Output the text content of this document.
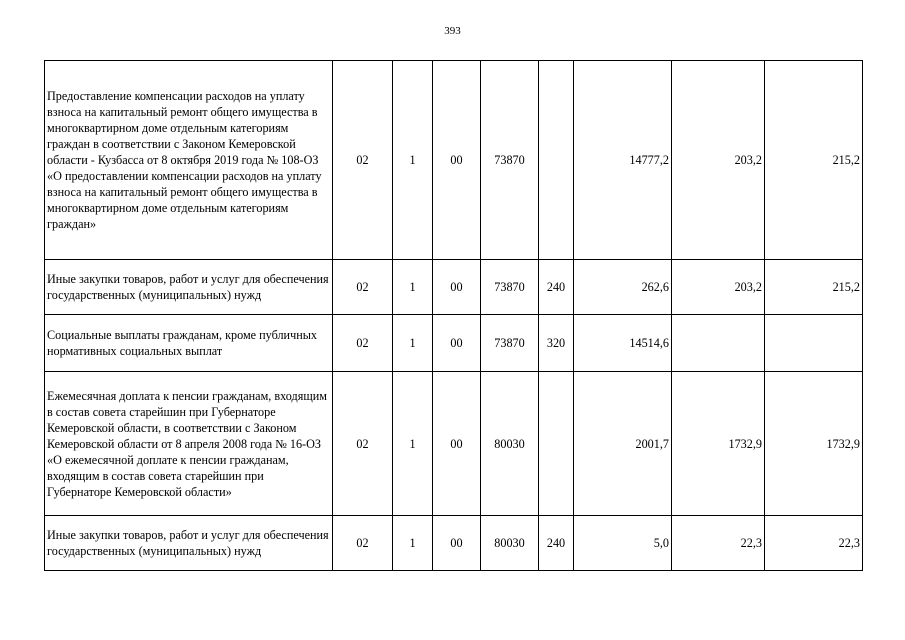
393
Предоставление компенсации расходов на уплату взноса на капитальный ремонт общего имущества в многоквартирном доме отдельным категориям граждан в соответствии с Законом Кемеровской области - Кузбасса от 8 октября 2019 года № 108-ОЗ «О предоставлении компенсации расходов на уплату взноса на капитальный ремонт общего имущества в многоквартирном доме отдельным категориям граждан»	02	1	00	73870		14777,2	203,2	215,2
Иные закупки товаров, работ и услуг для обеспечения государственных (муниципальных) нужд	02	1	00	73870	240	262,6	203,2	215,2
Социальные выплаты гражданам, кроме публичных нормативных социальных выплат	02	1	00	73870	320	14514,6		
Ежемесячная доплата к пенсии гражданам, входящим в состав совета старейшин при Губернаторе Кемеровской области, в соответствии с Законом Кемеровской области от 8 апреля 2008 года № 16-ОЗ «О ежемесячной доплате к пенсии гражданам, входящим в состав совета старейшин при Губернаторе Кемеровской области»	02	1	00	80030		2001,7	1732,9	1732,9
Иные закупки товаров, работ и услуг для обеспечения государственных (муниципальных) нужд	02	1	00	80030	240	5,0	22,3	22,3
